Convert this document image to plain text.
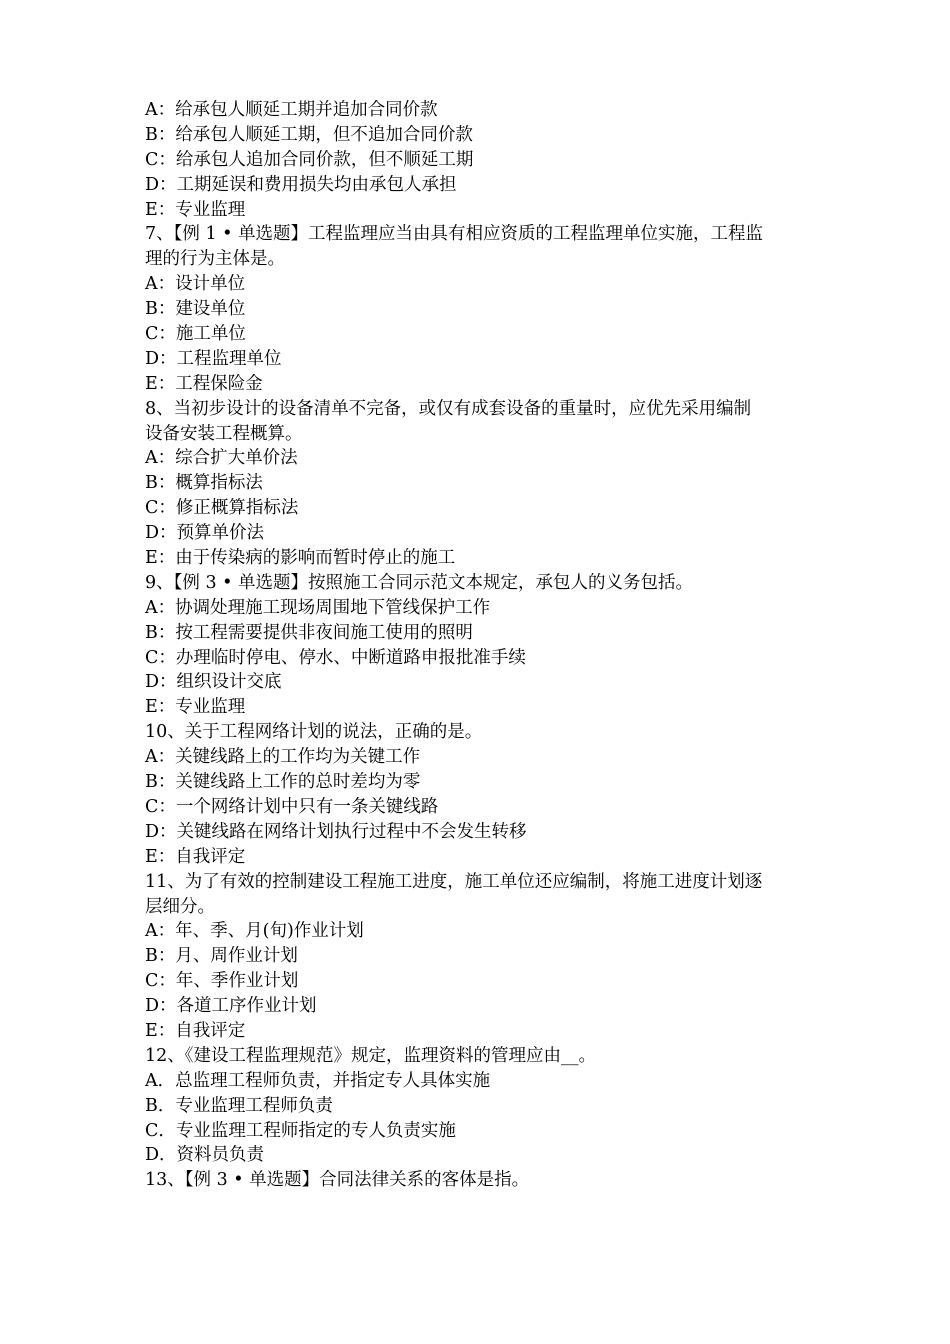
A：给承包人顺延工期并追加合同价款
B：给承包人顺延工期，但不追加合同价款
C：给承包人追加合同价款，但不顺延工期
D：工期延误和费用损失均由承包人承担
E：专业监理
7、【例 1 • 单选题】工程监理应当由具有相应资质的工程监理单位实施，工程监
理的行为主体是。
A：设计单位
B：建设单位
C：施工单位
D：工程监理单位
E：工程保险金
8、当初步设计的设备清单不完备，或仅有成套设备的重量时，应优先采用编制
设备安装工程概算。
A：综合扩大单价法
B：概算指标法
C：修正概算指标法
D：预算单价法
E：由于传染病的影响而暂时停止的施工
9、【例 3 • 单选题】按照施工合同示范文本规定，承包人的义务包括。
A：协调处理施工现场周围地下管线保护工作
B：按工程需要提供非夜间施工使用的照明
C：办理临时停电、停水、中断道路申报批准手续
D：组织设计交底
E：专业监理
10、关于工程网络计划的说法，正确的是。
A：关键线路上的工作均为关键工作
B：关键线路上工作的总时差均为零
C：一个网络计划中只有一条关键线路
D：关键线路在网络计划执行过程中不会发生转移
E：自我评定
11、为了有效的控制建设工程施工进度，施工单位还应编制，将施工进度计划逐
层细分。
A：年、季、月(旬)作业计划
B：月、周作业计划
C：年、季作业计划
D：各道工序作业计划
E：自我评定
12、《建设工程监理规范》规定，监理资料的管理应由__。
A．总监理工程师负责，并指定专人具体实施
B．专业监理工程师负责
C．专业监理工程师指定的专人负责实施
D．资料员负责
13、【例 3 • 单选题】合同法律关系的客体是指。
